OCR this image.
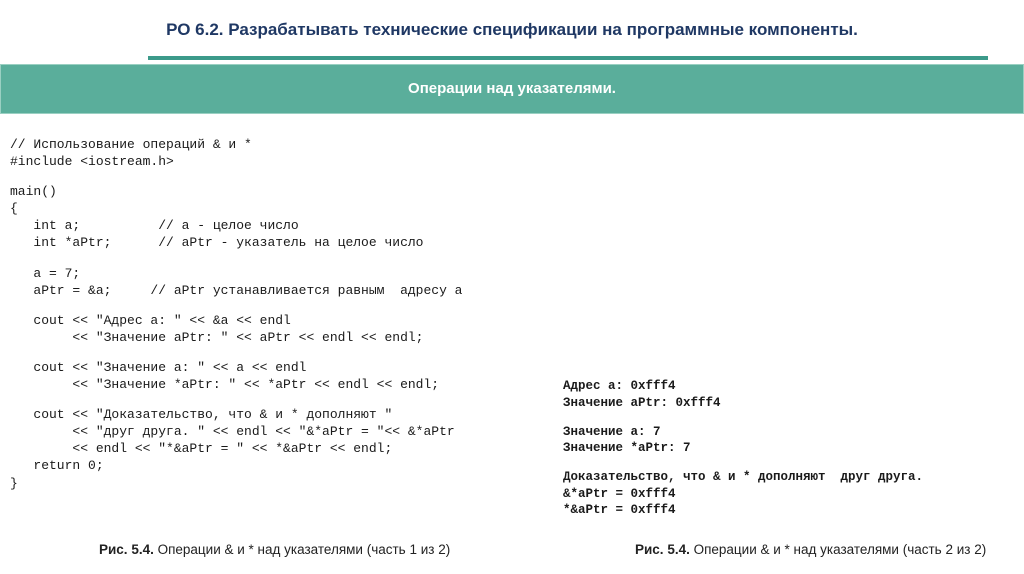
РО 6.2. Разрабатывать технические спецификации на программные компоненты.
Операции над указателями.
// Использование операций & и *
#include <iostream.h>
main()
{
int a;          // a - целое число
int *aPtr;      // aPtr - указатель на целое число
a = 7;
aPtr = &a;     // aPtr устанавливается равным  адресу a
cout << "Адрес a: " << &a << endl
<< "Значение aPtr: " << aPtr << endl << endl;
cout << "Значение a: " << a << endl
<< "Значение *aPtr: " << *aPtr << endl << endl;
cout << "Доказательство, что & и * дополняют "
<< "друг друга. " << endl << "&*aPtr = "<< &*aPtr
<< endl << "*&aPtr = " << *&aPtr << endl;
return 0;
}
Адрес a: 0xfff4
Значение aPtr: 0xfff4
Значение a: 7
Значение *aPtr: 7
Доказательство, что & и * дополняют  друг друга.
&*aPtr = 0xfff4
*&aPtr = 0xfff4
Рис. 5.4. Операции & и * над указателями (часть 1 из 2)	Рис. 5.4. Операции & и * над указателями (часть 2 из 2)
